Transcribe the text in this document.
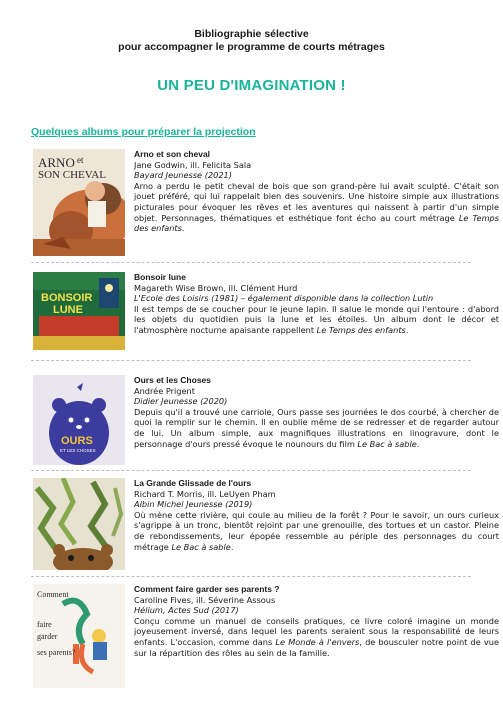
Bibliographie sélective
pour accompagner le programme de courts métrages
UN PEU D'IMAGINATION !
Quelques albums pour préparer la projection
ARNO et
SON CHEVAL
Arno et son cheval
Jane Godwin, ill. Felicita Sala
Bayard Jeunesse (2021)
Arno a perdu le petit cheval de bois que son grand-père lui avait sculpté. C'était son jouet préféré, qui lui rappelait bien des souvenirs. Une histoire simple aux illustrations picturales pour évoquer les rêves et les aventures qui naissent à partir d'un simple objet. Personnages, thématiques et esthétique font écho au court métrage Le Temps des enfants.
BONSOIR
LUNE
Bonsoir lune
Magareth Wise Brown, ill. Clément Hurd
L'Ecole des Loisirs (1981) – également disponible dans la collection Lutin
Il est temps de se coucher pour le jeune lapin. Il salue le monde qui l'entoure : d'abord les objets du quotidien puis la lune et les étoiles. Un album dont le décor et l'atmosphère nocturne apaisante rappellent Le Temps des enfants.
OURS
ET LES CHOSES
Ours et les Choses
Andrée Prigent
Didier Jeunesse (2020)
Depuis qu'il a trouvé une carriole, Ours passe ses journées le dos courbé, à chercher de quoi la remplir sur le chemin. Il en oublie même de se redresser et de regarder autour de lui. Un album simple, aux magnifiques illustrations en linogravure, dont le personnage d'ours pressé évoque le nounours du film Le Bac à sable.
La Grande Glissade de l'ours
Richard T. Morris, ill. LeUyen Pham
Albin Michel Jeunesse (2019)
Où mène cette rivière, qui coule au milieu de la forêt ? Pour le savoir, un ours curieux s'agrippe à un tronc, bientôt rejoint par une grenouille, des tortues et un castor. Pleine de rebondissements, leur épopée ressemble au périple des personnages du court métrage Le Bac à sable.
Comment
faire
garder
ses parents?
Comment faire garder ses parents ?
Caroline Fives, ill. Séverine Assous
Hélium, Actes Sud (2017)
Conçu comme un manuel de conseils pratiques, ce livre coloré imagine un monde joyeusement inversé, dans lequel les parents seraient sous la responsabilité de leurs enfants. L'occasion, comme dans Le Monde à l'envers, de bousculer notre point de vue sur la répartition des rôles au sein de la famille.
